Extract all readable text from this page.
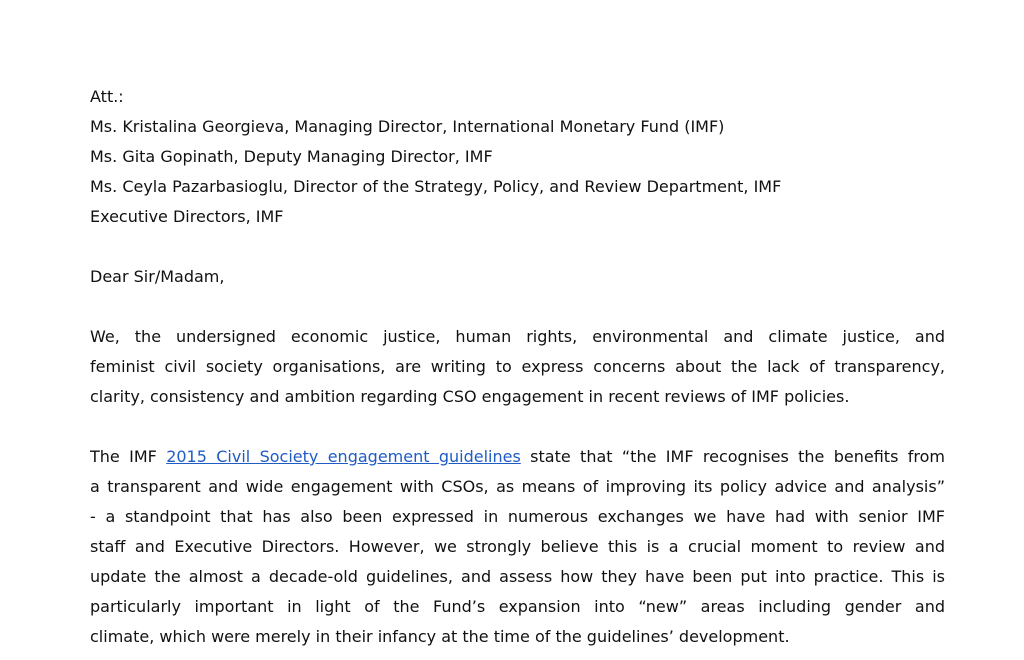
Att.:
Ms. Kristalina Georgieva, Managing Director, International Monetary Fund (IMF)
Ms. Gita Gopinath, Deputy Managing Director, IMF
Ms. Ceyla Pazarbasioglu, Director of the Strategy, Policy, and Review Department, IMF
Executive Directors, IMF
Dear Sir/Madam,
We, the undersigned economic justice, human rights, environmental and climate justice, and
feminist civil society organisations, are writing to express concerns about the lack of transparency,
clarity, consistency and ambition regarding CSO engagement in recent reviews of IMF policies.
The IMF 2015 Civil Society engagement guidelines state that “the IMF recognises the benefits from
a transparent and wide engagement with CSOs, as means of improving its policy advice and analysis”
- a standpoint that has also been expressed in numerous exchanges we have had with senior IMF
staff and Executive Directors. However, we strongly believe this is a crucial moment to review and
update the almost a decade-old guidelines, and assess how they have been put into practice. This is
particularly important in light of the Fund’s expansion into “new” areas including gender and
climate, which were merely in their infancy at the time of the guidelines’ development.
